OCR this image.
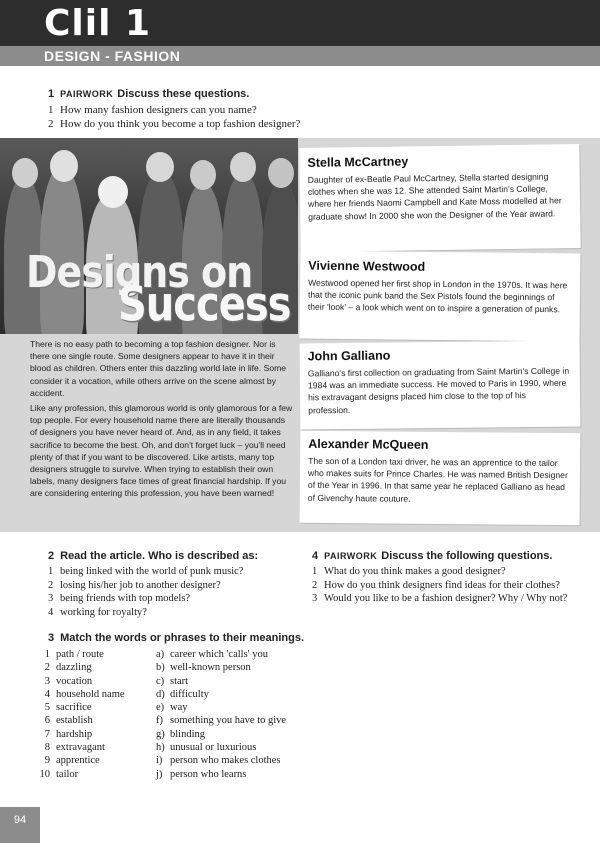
Clil 1
DESIGN - FASHION
1 PAIRWORK Discuss these questions.
1 How many fashion designers can you name?
2 How do you think you become a top fashion designer?
Designs on
Success

There is no easy path to becoming a top fashion designer. Nor is there one single route. Some designers appear to have it in their blood as children. Others enter this dazzling world late in life. Some consider it a vocation, while others arrive on the scene almost by accident.

Like any profession, this glamorous world is only glamorous for a few top people. For every household name there are literally thousands of designers you have never heard of. And, as in any field, it takes sacrifice to become the best. Oh, and don't forget luck – you'll need plenty of that if you want to be discovered. Like artists, many top designers struggle to survive. When trying to establish their own labels, many designers face times of great financial hardship. If you are considering entering this profession, you have been warned!

Stella McCartney
Daughter of ex-Beatle Paul McCartney, Stella started designing clothes when she was 12. She attended Saint Martin's College, where her friends Naomi Campbell and Kate Moss modelled at her graduate show! In 2000 she won the Designer of the Year award.
Vivienne Westwood
Westwood opened her first shop in London in the 1970s. It was here that the iconic punk band the Sex Pistols found the beginnings of their 'look' – a look which went on to inspire a generation of punks.
John Galliano
Galliano's first collection on graduating from Saint Martin's College in 1984 was an immediate success. He moved to Paris in 1990, where his extravagant designs placed him close to the top of his profession.
Alexander McQueen
The son of a London taxi driver, he was an apprentice to the tailor who makes suits for Prince Charles. He was named British Designer of the Year in 1996. In that same year he replaced Galliano as head of Givenchy haute couture.
2 Read the article. Who is described as:
1 being linked with the world of punk music?
2 losing his/her job to another designer?
3 being friends with top models?
4 working for royalty?
3 Match the words or phrases to their meanings.
1 path / route	a) career which 'calls' you
2 dazzling	b) well-known person
3 vocation	c) start
4 household name	d) difficulty
5 sacrifice	e) way
6 establish	f) something you have to give
7 hardship	g) blinding
8 extravagant	h) unusual or luxurious
9 apprentice	i) person who makes clothes
10 tailor	j) person who learns
4 PAIRWORK Discuss the following questions.
1 What do you think makes a good designer?
2 How do you think designers find ideas for their clothes?
3 Would you like to be a fashion designer? Why / Why not?
94
